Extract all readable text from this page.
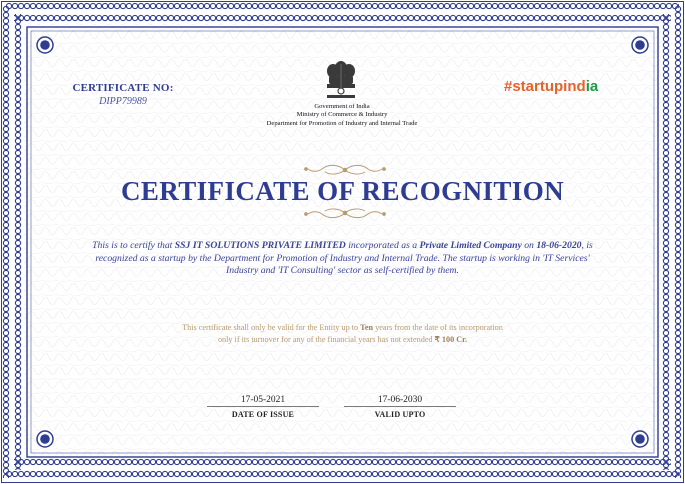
CERTIFICATE NO:
DIPP79989	Government of India
Ministry of Commerce & Industry
Department for Promotion of Industry and Internal Trade
#startupindia
CERTIFICATE OF RECOGNITION
This is to certify that SSJ IT SOLUTIONS PRIVATE LIMITED incorporated as a Private Limited Company on 18-06-2020, is recognized as a startup by the Department for Promotion of Industry and Internal Trade. The startup is working in 'IT Services' Industry and 'IT Consulting' sector as self-certified by them.
This certificate shall only be valid for the Entity up to Ten years from the date of its incorporation
only if its turnover for any of the financial years has not extended ₹ 100 Cr.
17-05-2021
DATE OF ISSUE
17-06-2030
VALID UPTO
